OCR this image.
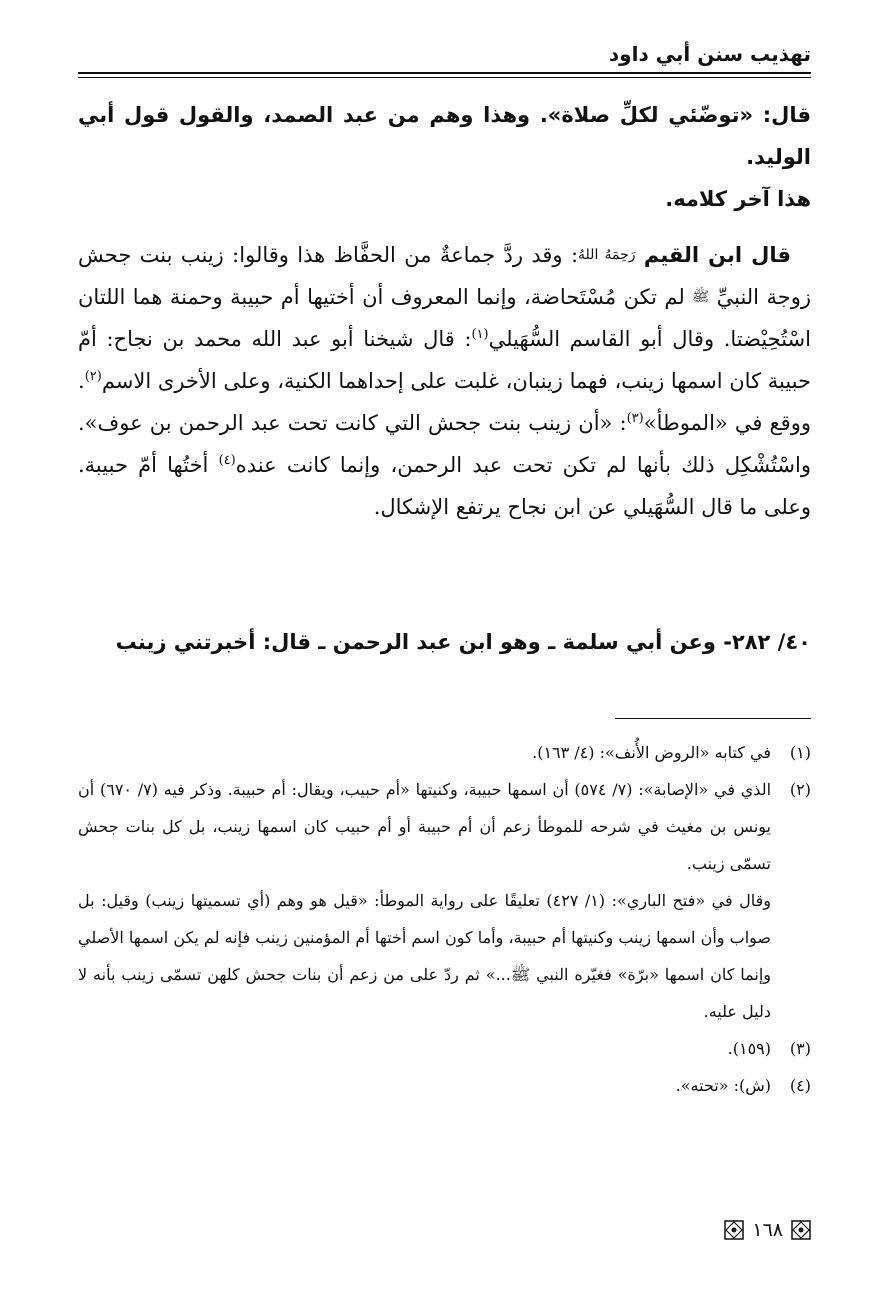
تهذيب سنن أبي داود

قال: «توضّئي لكلِّ صلاة». وهذا وهم من عبد الصمد، والقول قول أبي الوليد.
هذا آخر كلامه.

قال ابن القيم رَحِمَهُ اللهُ: وقد ردَّ جماعةٌ من الحفَّاظ هذا وقالوا: زينب بنت جحش زوجة النبيِّ ﷺ لم تكن مُسْتَحاضة، وإنما المعروف أن أختيها أم حبيبة وحمنة هما اللتان اسْتُحِيْضتا. وقال أبو القاسم السُّهَيلي$^{(١)}$: قال شيخنا أبو عبد الله محمد بن نجاح: أمّ حبيبة كان اسمها زينب، فهما زينبان، غلبت على إحداهما الكنية، وعلى الأخرى الاسم$^{(٢)}$. ووقع في «الموطأ»$^{(٣)}$: «أن زينب بنت جحش التي كانت تحت عبد الرحمن بن عوف». واسْتُشْكِل ذلك بأنها لم تكن تحت عبد الرحمن، وإنما كانت عنده$^{(٤)}$ أختُها أمّ حبيبة. وعلى ما قال السُّهَيلي عن ابن نجاح يرتفع الإشكال.

٤٠/ ٢٨٢- وعن أبي سلمة ـ وهو ابن عبد الرحمن ـ قال: أخبرتني زينب
(١)

في كتابه «الروض الأُنف»: (٤/ ١٦٣).

(٢)

الذي في «الإصابة»: (٧/ ٥٧٤) أن اسمها حبيبة، وكنيتها «أم حبيب، ويقال: أم حبيبة. وذكر فيه (٧/ ٦٧٠) أن يونس بن مغيث في شرحه للموطأ زعم أن أم حبيبة أو أم حبيب كان اسمها زينب، بل كل بنات جحش تسمّى زينب.

وقال في «فتح الباري»: (١/ ٤٢٧) تعليقًا على رواية الموطأ: «قيل هو وهم (أي تسميتها زينب) وقيل: بل صواب وأن اسمها زينب وكنيتها أم حبيبة، وأما كون اسم أختها أم المؤمنين زينب فإنه لم يكن اسمها الأصلي وإنما كان اسمها «برّة» فغيّره النبي ﷺ...» ثم ردّ على من زعم أن بنات جحش كلهن تسمّى زينب بأنه لا دليل عليه.

(٣)

(١٥٩).

(٤)

(ش): «تحته».

١٦٨
